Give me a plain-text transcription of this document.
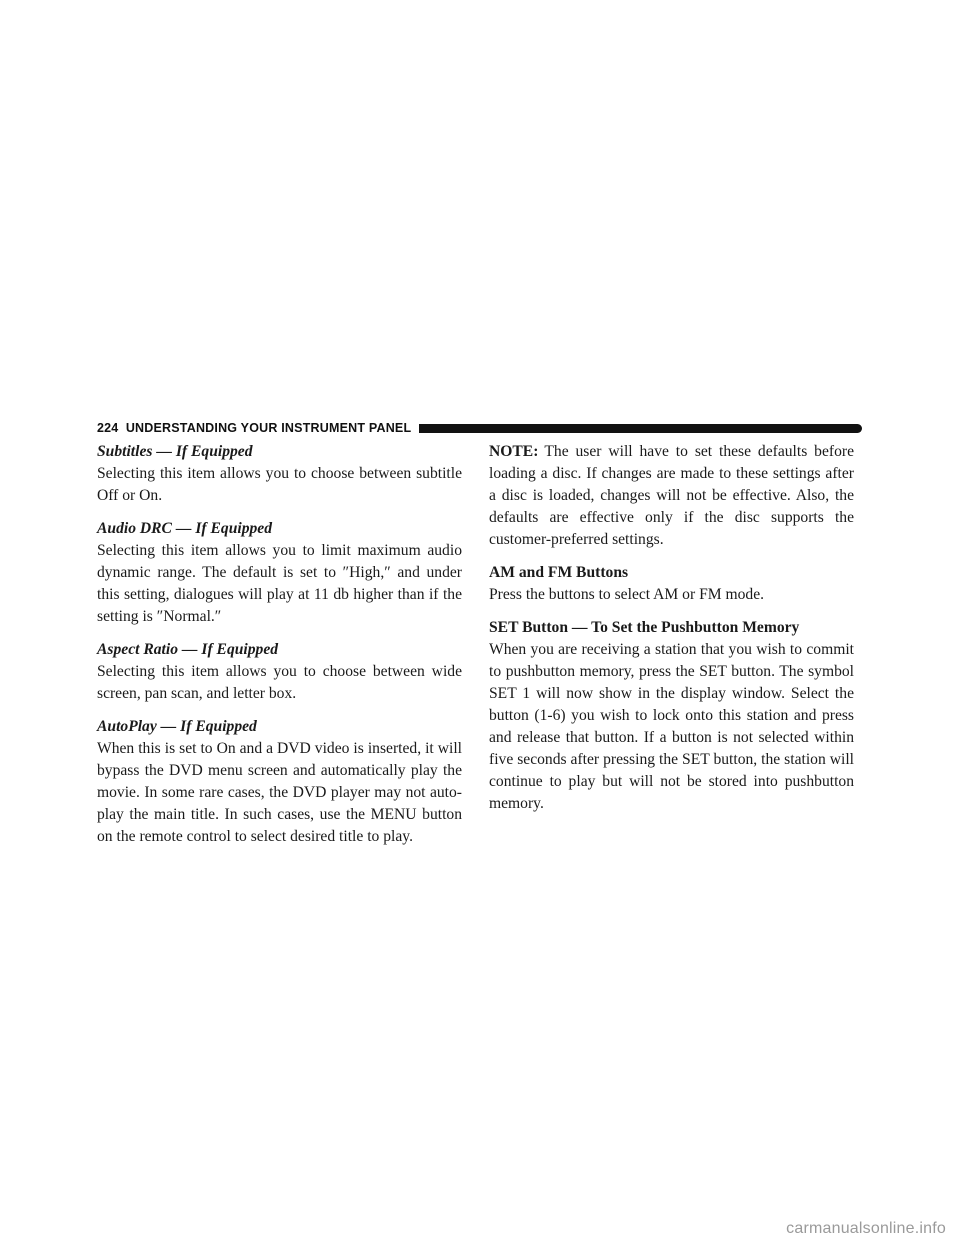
224 UNDERSTANDING YOUR INSTRUMENT PANEL

Subtitles — If Equipped

Selecting this item allows you to choose between subtitle Off or On.

Audio DRC — If Equipped

Selecting this item allows you to limit maximum audio dynamic range. The default is set to ″High,″ and under this setting, dialogues will play at 11 db higher than if the setting is ″Normal.″

Aspect Ratio — If Equipped

Selecting this item allows you to choose between wide screen, pan scan, and letter box.

AutoPlay — If Equipped

When this is set to On and a DVD video is inserted, it will bypass the DVD menu screen and automatically play the movie. In some rare cases, the DVD player may not auto-play the main title. In such cases, use the MENU button on the remote control to select desired title to play.

NOTE: The user will have to set these defaults before loading a disc. If changes are made to these settings after a disc is loaded, changes will not be effective. Also, the defaults are effective only if the disc supports the customer-preferred settings.

AM and FM Buttons

Press the buttons to select AM or FM mode.

SET Button — To Set the Pushbutton Memory

When you are receiving a station that you wish to commit to pushbutton memory, press the SET button. The symbol SET 1 will now show in the display window. Select the button (1-6) you wish to lock onto this station and press and release that button. If a button is not selected within five seconds after pressing the SET button, the station will continue to play but will not be stored into pushbutton memory.

carmanualsonline.info
